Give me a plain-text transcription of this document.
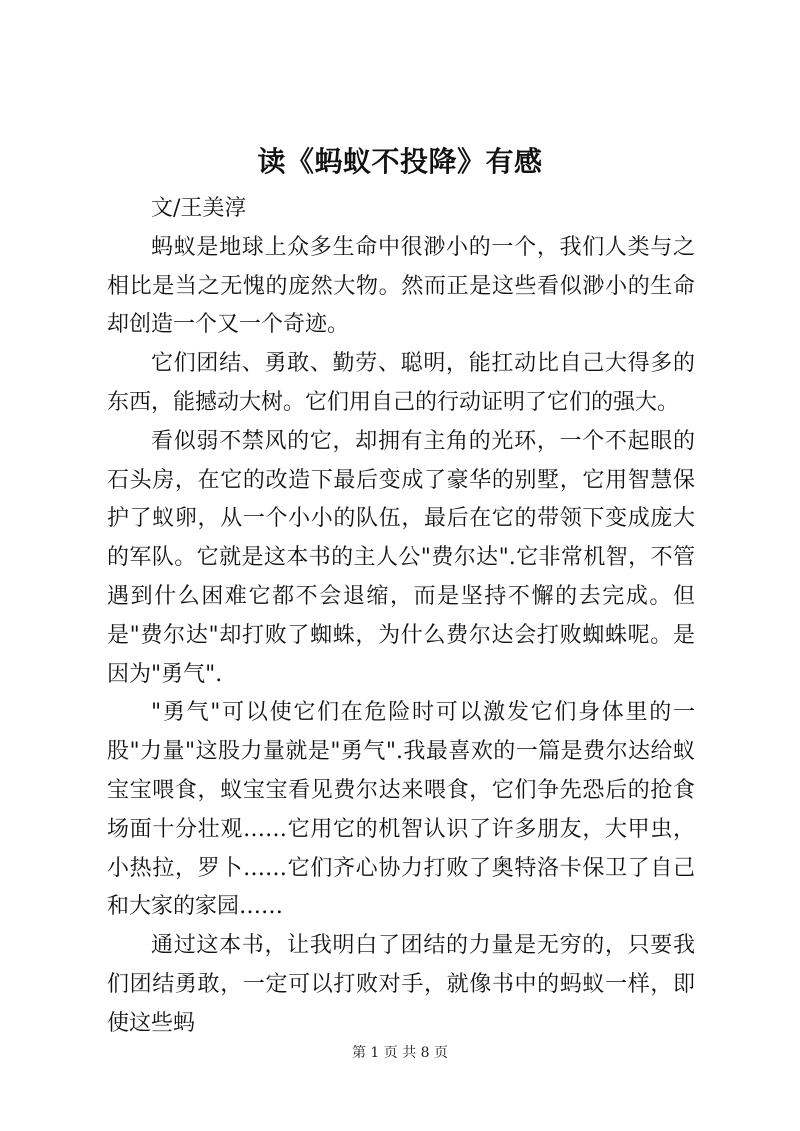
读《蚂蚁不投降》有感

文/王美淳

蚂蚁是地球上众多生命中很渺小的一个，我们人类与之相比是当之无愧的庞然大物。然而正是这些看似渺小的生命却创造一个又一个奇迹。

它们团结、勇敢、勤劳、聪明，能扛动比自己大得多的东西，能撼动大树。它们用自己的行动证明了它们的强大。

看似弱不禁风的它，却拥有主角的光环，一个不起眼的石头房，在它的改造下最后变成了豪华的别墅，它用智慧保护了蚁卵，从一个小小的队伍，最后在它的带领下变成庞大的军队。它就是这本书的主人公"费尔达".它非常机智，不管遇到什么困难它都不会退缩，而是坚持不懈的去完成。但是"费尔达"却打败了蜘蛛，为什么费尔达会打败蜘蛛呢。是因为"勇气".

"勇气"可以使它们在危险时可以激发它们身体里的一股"力量"这股力量就是"勇气".我最喜欢的一篇是费尔达给蚁宝宝喂食，蚁宝宝看见费尔达来喂食，它们争先恐后的抢食场面十分壮观……它用它的机智认识了许多朋友，大甲虫，小热拉，罗卜……它们齐心协力打败了奥特洛卡保卫了自己和大家的家园……

通过这本书，让我明白了团结的力量是无穷的，只要我们团结勇敢，一定可以打败对手，就像书中的蚂蚁一样，即使这些蚂

第 1 页 共 8 页
